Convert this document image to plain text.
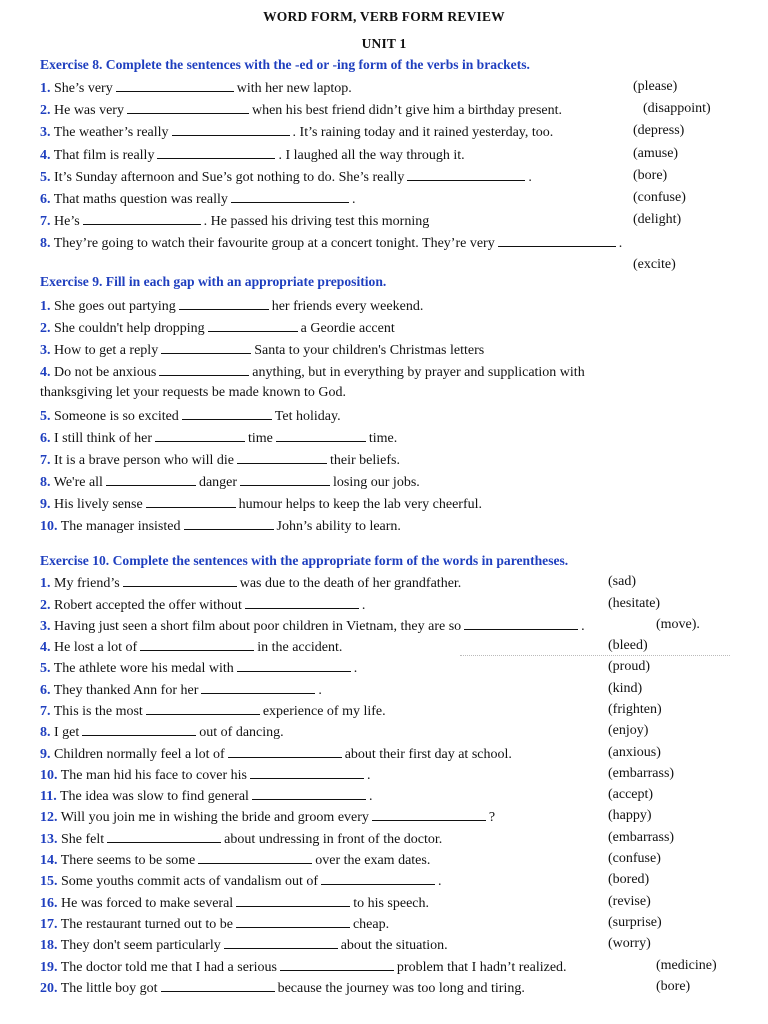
WORD FORM, VERB FORM REVIEW
UNIT 1
Exercise 8. Complete the sentences with the -ed or -ing form of the verbs in brackets.
1. She’s very	with her new laptop.	(please)
2. He was very	when his best friend didn’t give him a birthday present.	(disappoint)
3. The weather’s really	. It’s raining today and it rained yesterday, too.	(depress)
4. That film is really	. I laughed all the way through it.	(amuse)
5. It’s Sunday afternoon and Sue’s got nothing to do. She’s really	.	(bore)
6. That maths question was really	.	(confuse)
7. He’s	. He passed his driving test this morning	(delight)
8. They’re going to watch their favourite group at a concert tonight. They’re very	.
(excite)
Exercise 9. Fill in each gap with an appropriate preposition.
1. She goes out partying	her friends every weekend.
2. She couldn't help dropping	a Geordie accent
3. How to get a reply	Santa to your children's Christmas letters
4. Do not be anxious	anything, but in everything by prayer and supplication with
thanksgiving let your requests be made known to God.
5. Someone is so excited	Tet holiday.
6. I still think of her	time	time.
7. It is a brave person who will die	their beliefs.
8. We're all	danger	losing our jobs.
9. His lively sense	humour helps to keep the lab very cheerful.
10. The manager insisted	John’s ability to learn.
Exercise 10. Complete the sentences with the appropriate form of the words in parentheses.
1. My friend’s	was due to the death of her grandfather.	(sad)
2. Robert accepted the offer without	.	(hesitate)
3. Having just seen a short film about poor children in Vietnam, they are so	.	(move).
4. He lost a lot of	in the accident.	(bleed)
5. The athlete wore his medal with	.	(proud)
6. They thanked Ann for her	.	(kind)
7. This is the most	experience of my life.	(frighten)
8. I get	out of dancing.	(enjoy)
9. Children normally feel a lot of	about their first day at school.	(anxious)
10. The man hid his face to cover his	.	(embarrass)
11. The idea was slow to find general	.	(accept)
12. Will you join me in wishing the bride and groom every	?	(happy)
13. She felt	about undressing in front of the doctor.	(embarrass)
14. There seems to be some	over the exam dates.	(confuse)
15. Some youths commit acts of vandalism out of	.	(bored)
16. He was forced to make several	to his speech.	(revise)
17. The restaurant turned out to be	cheap.	(surprise)
18. They don't seem particularly	about the situation.	(worry)
19. The doctor told me that I had a serious	problem that I hadn’t realized.	(medicine)
20. The little boy got	because the journey was too long and tiring.	(bore)
